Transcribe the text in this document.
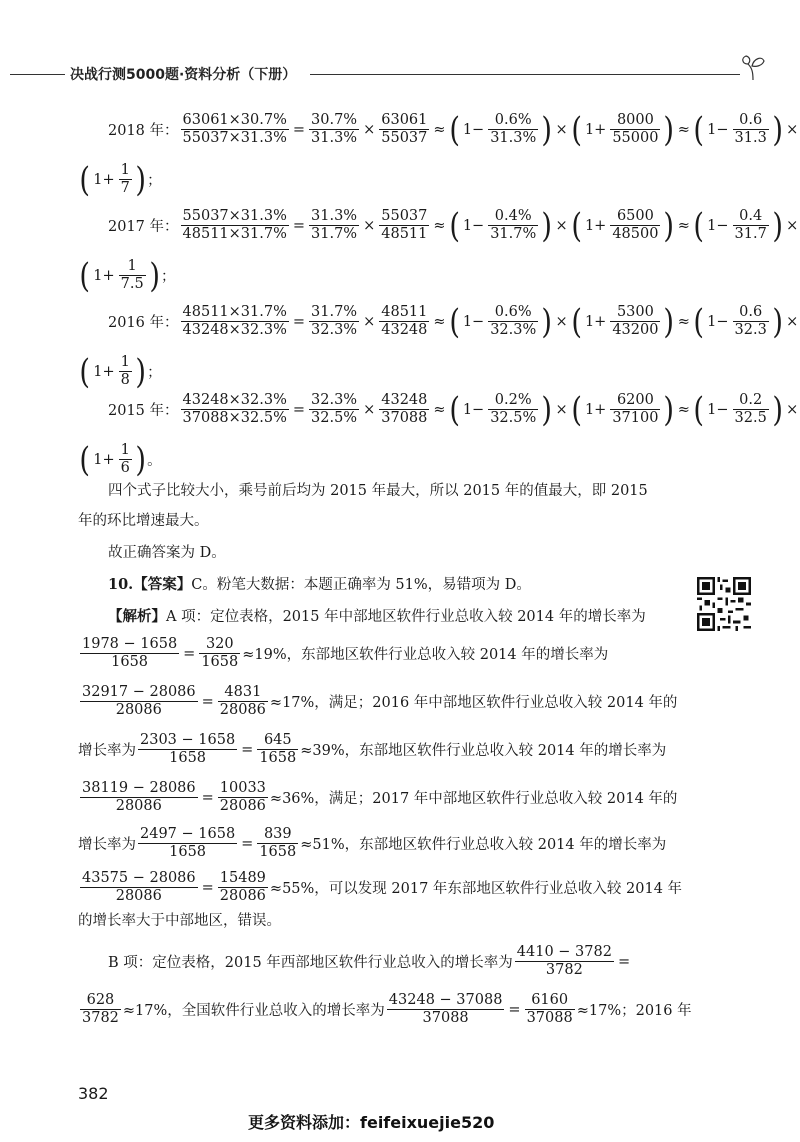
决战行测5000题·资料分析（下册）
2018 年： $\frac{63061\times 30.7\%}{55037\times 31.3\%} = \frac{30.7\%}{31.3\%} \times \frac{63061}{55037}$ ≈( $1- \frac{0.6\%}{31.3\%}$ ) ×( $1+ \frac{8000}{55000}$ ) ≈( $1- \frac{0.6}{31.3}$ ) ×
( $1+ \frac{1}{7}$ )；
2017 年： $\frac{55037\times 31.3\%}{48511\times 31.7\%} = \frac{31.3\%}{31.7\%} \times \frac{55037}{48511}$ ≈( $1- \frac{0.4\%}{31.7\%}$ ) ×( $1+ \frac{6500}{48500}$ ) ≈( $1- \frac{0.4}{31.7}$ ) ×
( $1+ \frac{1}{7.5}$ )；
2016 年： $\frac{48511\times 31.7\%}{43248\times 32.3\%} = \frac{31.7\%}{32.3\%} \times \frac{48511}{43248}$ ≈( $1- \frac{0.6\%}{32.3\%}$ ) ×( $1+ \frac{5300}{43200}$ ) ≈( $1- \frac{0.6}{32.3}$ ) ×
( $1+ \frac{1}{8}$ )；
2015 年： $\frac{43248\times 32.3\%}{37088\times 32.5\%} = \frac{32.3\%}{32.5\%} \times \frac{43248}{37088}$ ≈( $1- \frac{0.2\%}{32.5\%}$ ) ×( $1+ \frac{6200}{37100}$ ) ≈( $1- \frac{0.2}{32.5}$ ) ×
( $1+ \frac{1}{6}$ )。
四个式子比较大小，乘号前后均为 2015 年最大，所以 2015 年的值最大，即 2015
年的环比增速最大。
故正确答案为 D。
10.【答案】C。粉笔大数据：本题正确率为 51%，易错项为 D。
【解析】A 项：定位表格，2015 年中部地区软件行业总收入较 2014 年的增长率为
$\frac{1978 - 1658}{1658} = \frac{320}{1658} \approx 19\%$，东部地区软件行业总收入较 2014 年的增长率为
$\frac{32917 - 28086}{28086} = \frac{4831}{28086} \approx 17\%$，满足；2016 年中部地区软件行业总收入较 2014 年的
增长率为 $\frac{2303 - 1658}{1658} = \frac{645}{1658} \approx 39\%$，东部地区软件行业总收入较 2014 年的增长率为
$\frac{38119 - 28086}{28086} = \frac{10033}{28086} \approx 36\%$，满足；2017 年中部地区软件行业总收入较 2014 年的
增长率为 $\frac{2497 - 1658}{1658} = \frac{839}{1658} \approx 51\%$，东部地区软件行业总收入较 2014 年的增长率为
$\frac{43575 - 28086}{28086} = \frac{15489}{28086} \approx 55\%$，可以发现 2017 年东部地区软件行业总收入较 2014 年
B 项：定位表格，2015 年西部地区软件行业总收入的增长率为 $\frac{4410 - 3782}{3782}$ =
$\frac{628}{3782} \approx 17\%$，全国软件行业总收入的增长率为 $\frac{43248 - 37088}{37088} = \frac{6160}{37088} \approx 17\%$；2016 年
的增长率大于中部地区，错误。
382
更多资料添加：feifeixuejie520
